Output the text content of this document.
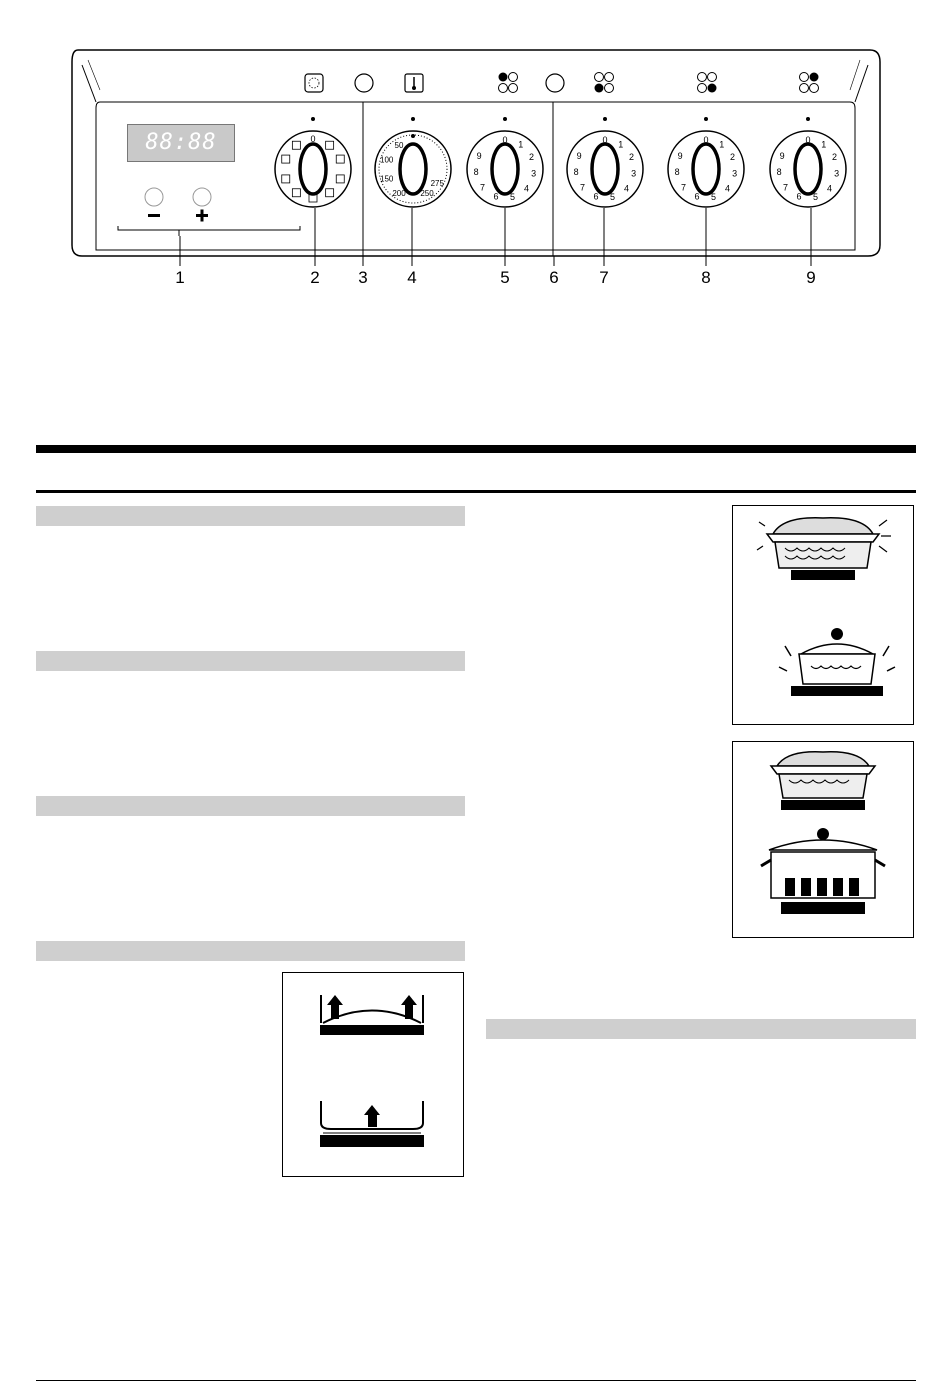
0
50
100
150
200 250
275
0 1
2
3
4
5
6
7
8
9
0 1
2
3
4
5
6
7
8
9
0 1
2
3
4
5
6
7
8
9
0 1
2
3
4
5
6
7
8
9
88:88
1	2	3	4	5	6	7	8	9
